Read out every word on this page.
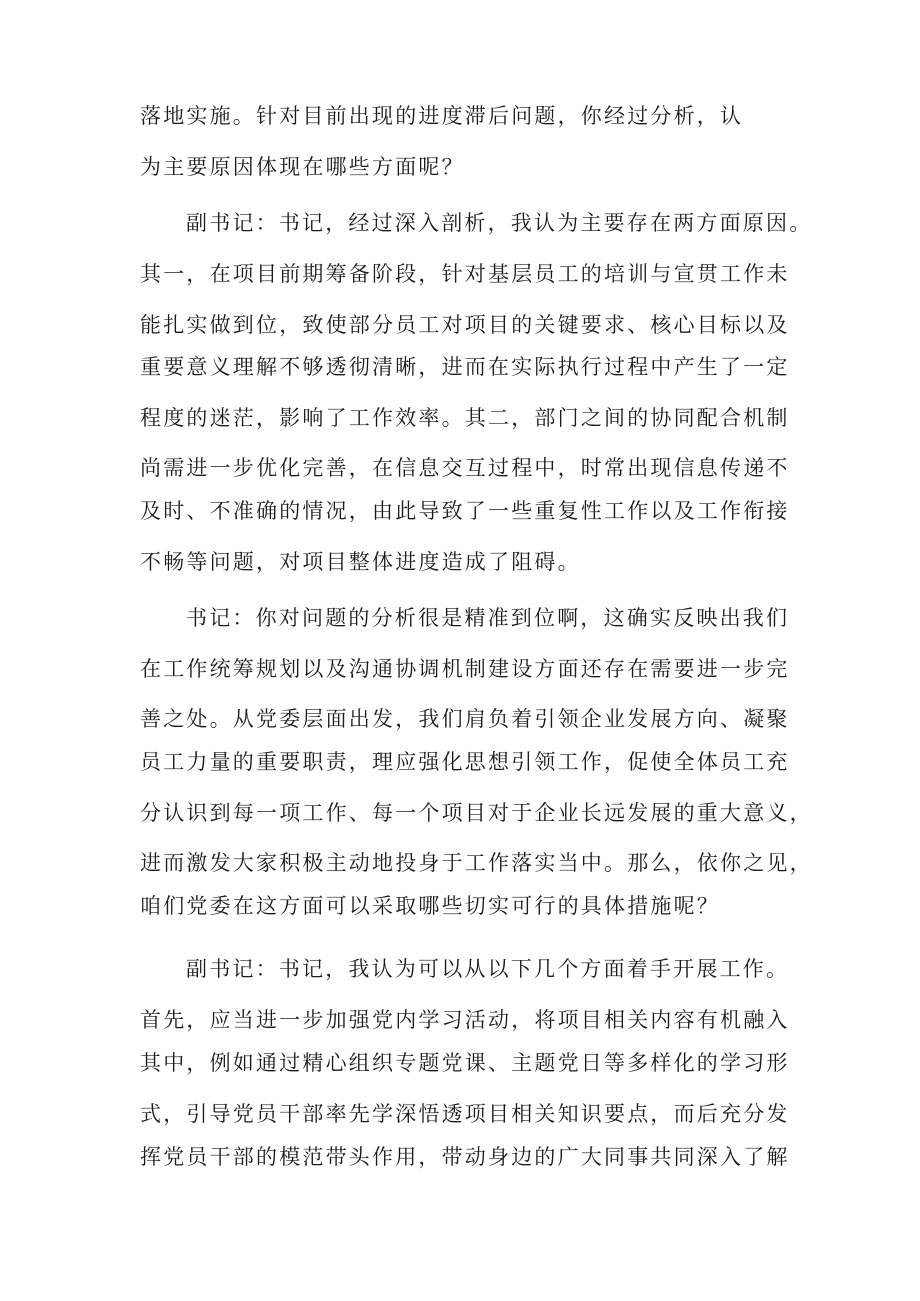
落地实施。针对目前出现的进度滞后问题，你经过分析，认
为主要原因体现在哪些方面呢？
副书记：书记，经过深入剖析，我认为主要存在两方面原因。
其一，在项目前期筹备阶段，针对基层员工的培训与宣贯工作未
能扎实做到位，致使部分员工对项目的关键要求、核心目标以及
重要意义理解不够透彻清晰，进而在实际执行过程中产生了一定
程度的迷茫，影响了工作效率。其二，部门之间的协同配合机制
尚需进一步优化完善，在信息交互过程中，时常出现信息传递不
及时、不准确的情况，由此导致了一些重复性工作以及工作衔接
不畅等问题，对项目整体进度造成了阻碍。
书记：你对问题的分析很是精准到位啊，这确实反映出我们
在工作统筹规划以及沟通协调机制建设方面还存在需要进一步完
善之处。从党委层面出发，我们肩负着引领企业发展方向、凝聚
员工力量的重要职责，理应强化思想引领工作，促使全体员工充
分认识到每一项工作、每一个项目对于企业长远发展的重大意义，
进而激发大家积极主动地投身于工作落实当中。那么，依你之见，
咱们党委在这方面可以采取哪些切实可行的具体措施呢？
副书记：书记，我认为可以从以下几个方面着手开展工作。
首先，应当进一步加强党内学习活动，将项目相关内容有机融入
其中，例如通过精心组织专题党课、主题党日等多样化的学习形
式，引导党员干部率先学深悟透项目相关知识要点，而后充分发
挥党员干部的模范带头作用，带动身边的广大同事共同深入了解
